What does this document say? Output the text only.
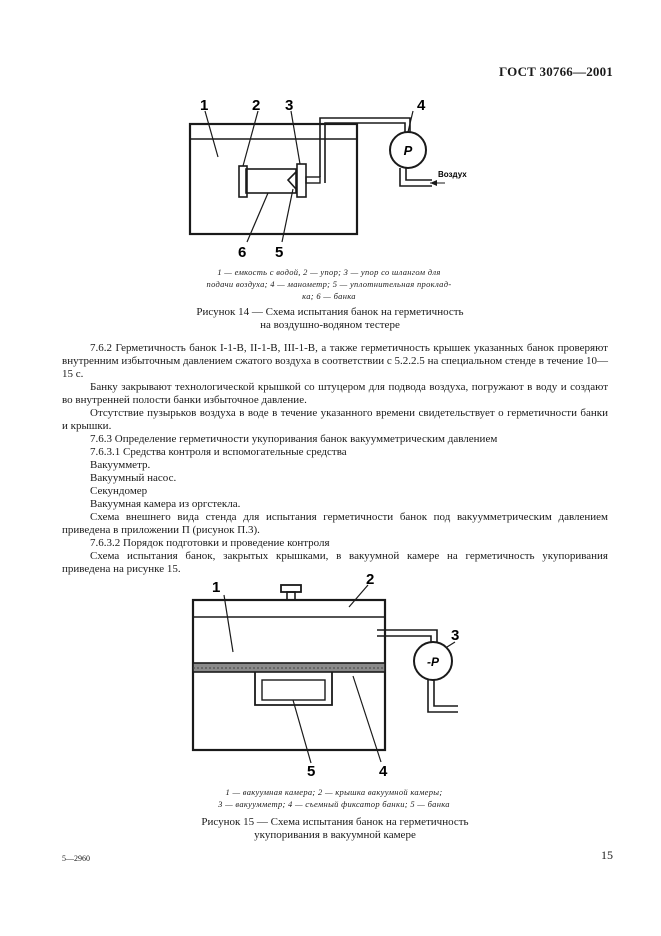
ГОСТ 30766—2001
P
Воздух
1	2 3	4
6 5
1 — емкость с водой, 2 — упор; 3 — упор со шлангом для
подачи воздуха; 4 — манометр; 5 — уплотнительная проклад-
ка; 6 — банка
Рисунок 14 — Схема испытания банок на герметичность
на воздушно-водяном тестере

7.6.2 Герметичность банок I-1-В, II-1-В, III-1-В, а также герметичность крышек указанных банок проверяют внутренним избыточным давлением сжатого воздуха в соответствии с 5.2.2.5 на специальном стенде в течение 10—15 с.

Банку закрывают технологической крышкой со штуцером для подвода воздуха, погружают в воду и создают во внутренней полости банки избыточное давление.

Отсутствие пузырьков воздуха в воде в течение указанного времени свидетельствует о герметичности банки и крышки.

7.6.3 Определение герметичности укупоривания банок вакуумметрическим давлением

7.6.3.1 Средства контроля и вспомогательные средства

Вакуумметр.

Вакуумный насос.

Секундомер

Вакуумная камера из оргстекла.

Схема внешнего вида стенда для испытания герметичности банок под вакуумметрическим давлением приведена в приложении П (рисунок П.3).

7.6.3.2 Порядок подготовки и проведение контроля

Схема испытания банок, закрытых крышками, в вакуумной камере на герметичность укупоривания приведена на рисунке 15.

-P
1	2
3
5	4
1 — вакуумная камера; 2 — крышка вакуумной камеры;
3 — вакуумметр; 4 — съемный фиксатор банки; 5 — банка
Рисунок 15 — Схема испытания банок на герметичность
укупоривания в вакуумной камере
5—2960	15
